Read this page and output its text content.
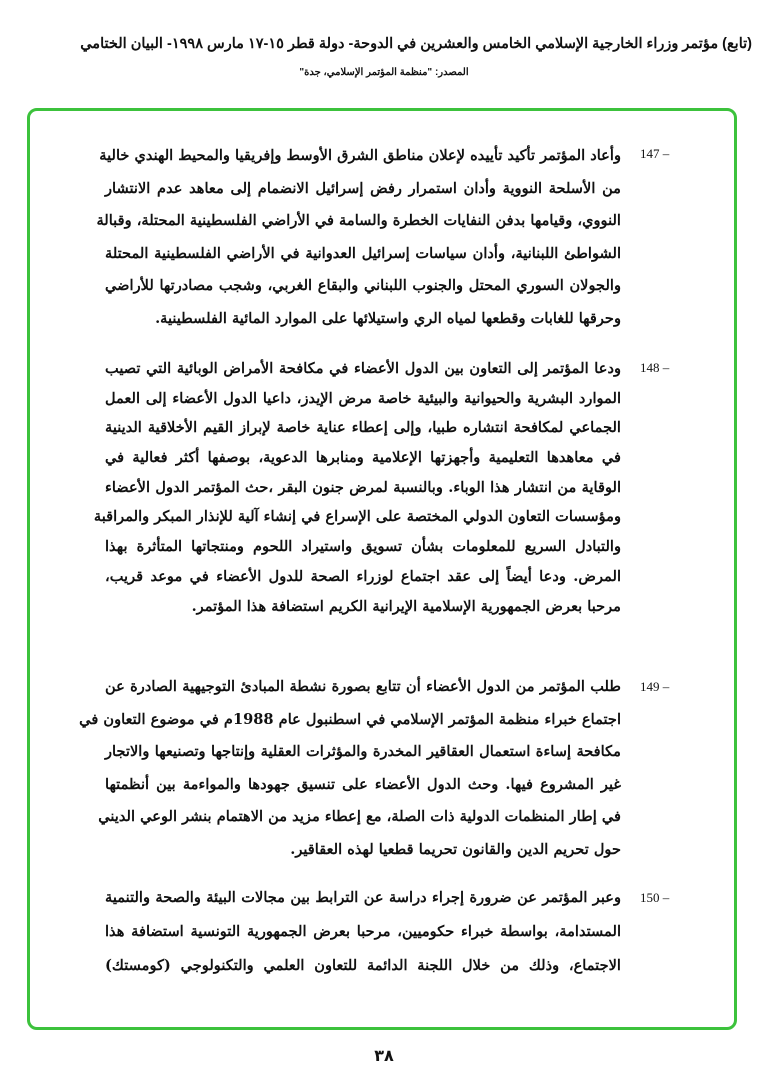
(تابع) مؤتمر وزراء الخارجية الإسلامي الخامس والعشرين في الدوحة- دولة قطر ١٥-١٧ مارس ١٩٩٨- البيان الختامي
المصدر: "منظمة المؤتمر الإسلامي، جدة"
147 –
وأعاد المؤتمر تأكيد تأييده لإعلان مناطق الشرق الأوسط وإفريقيا والمحيط الهندي خالية
من الأسلحة النووية وأدان استمرار رفض إسرائيل الانضمام إلى معاهد عدم الانتشار
النووي، وقيامها بدفن النفايات الخطرة والسامة في الأراضي الفلسطينية المحتلة، وقبالة
الشواطئ اللبنانية، وأدان سياسات إسرائيل العدوانية في الأراضي الفلسطينية المحتلة
والجولان السوري المحتل والجنوب اللبناني والبقاع الغربي، وشجب مصادرتها للأراضي
وحرقها للغابات وقطعها لمياه الري واستيلائها على الموارد المائية الفلسطينية.
148 –
ودعا المؤتمر إلى التعاون بين الدول الأعضاء في مكافحة الأمراض الوبائية التي تصيب
الموارد البشرية والحيوانية والبيئية خاصة مرض الإيدز، داعيا الدول الأعضاء إلى العمل
الجماعي لمكافحة انتشاره طبيا، وإلى إعطاء عناية خاصة لإبراز القيم الأخلاقية الدينية
في معاهدها التعليمية وأجهزتها الإعلامية ومنابرها الدعوية، بوصفها أكثر فعالية في
الوقاية من انتشار هذا الوباء. وبالنسبة لمرض جنون البقر ،حث المؤتمر الدول الأعضاء
ومؤسسات التعاون الدولي المختصة على الإسراع في إنشاء آلية للإنذار المبكر والمراقبة
والتبادل السريع للمعلومات بشأن تسويق واستيراد اللحوم ومنتجاتها المتأثرة بهذا
المرض. ودعا أيضاً إلى عقد اجتماع لوزراء الصحة للدول الأعضاء في موعد قريب،
مرحبا بعرض الجمهورية الإسلامية الإيرانية الكريم استضافة هذا المؤتمر.
149 –
طلب المؤتمر من الدول الأعضاء أن تتابع بصورة نشطة المبادئ التوجيهية الصادرة عن
اجتماع خبراء منظمة المؤتمر الإسلامي في اسطنبول عام 1988م في موضوع التعاون في
مكافحة إساءة استعمال العقاقير المخدرة والمؤثرات العقلية وإنتاجها وتصنيعها والاتجار
غير المشروع فيها. وحث الدول الأعضاء على تنسيق جهودها والمواءمة بين أنظمتها
في إطار المنظمات الدولية ذات الصلة، مع إعطاء مزيد من الاهتمام بنشر الوعي الديني
حول تحريم الدين والقانون تحريما قطعيا لهذه العقاقير.
150 –
وعبر المؤتمر عن ضرورة إجراء دراسة عن الترابط بين مجالات البيئة والصحة والتنمية
المستدامة، بواسطة خبراء حكوميين، مرحبا بعرض الجمهورية التونسية استضافة هذا
الاجتماع، وذلك من خلال اللجنة الدائمة للتعاون العلمي والتكنولوجي (كومستك)
٣٨
